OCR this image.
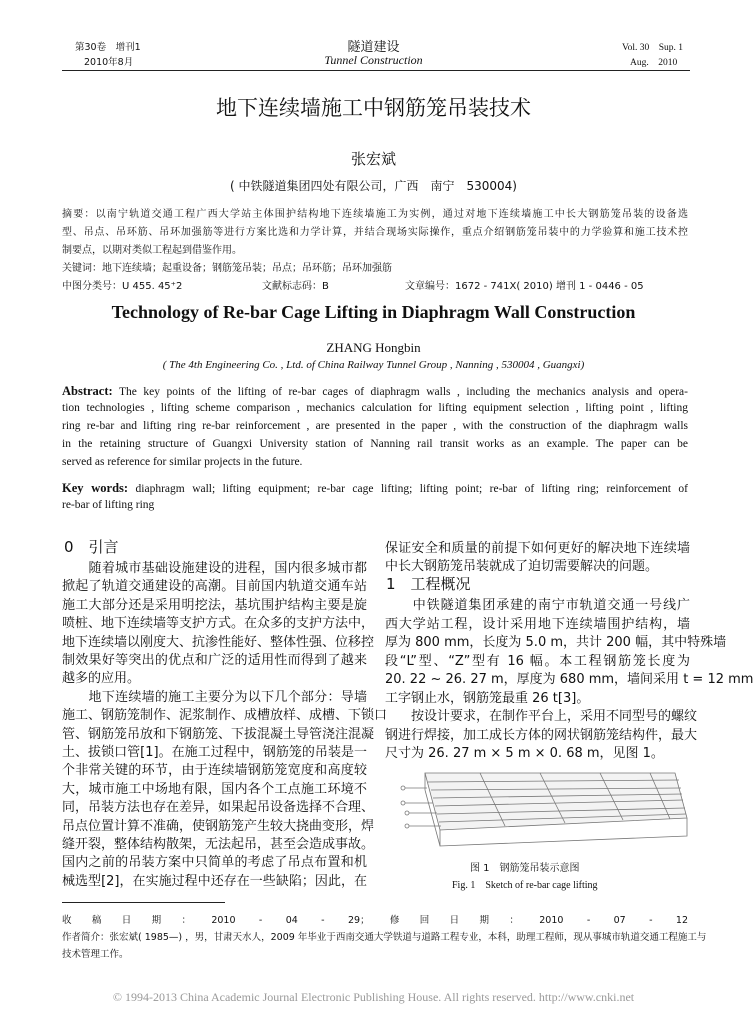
第30卷　增刊1
2010年8月
隧道建设
Tunnel Construction
Vol. 30　Sup. 1
Aug.　2010
地下连续墙施工中钢筋笼吊装技术
张宏斌
( 中铁隧道集团四处有限公司，广西　南宁　530004)
摘要：以南宁轨道交通工程广西大学站主体围护结构地下连续墙施工为实例，通过对地下连续墙施工中长大钢筋笼吊装的设备选
型、吊点、吊环筋、吊环加强筋等进行方案比选和力学计算，并结合现场实际操作，重点介绍钢筋笼吊装中的力学验算和施工技术控
制要点，以期对类似工程起到借鉴作用。
关键词：地下连续墙；起重设备；钢筋笼吊装；吊点；吊环筋；吊环加强筋
中图分类号：U 455. 45⁺2	文献标志码：B	文章编号：1672 - 741X( 2010) 增刊 1 - 0446 - 05
Technology of Re-bar Cage Lifting in Diaphragm Wall Construction
ZHANG Hongbin
( The 4th Engineering Co. , Ltd. of China Railway Tunnel Group , Nanning , 530004 , Guangxi)
Abstract: The key points of the lifting of re-bar cages of diaphragm walls , including the mechanics analysis and opera-
tion technologies , lifting scheme comparison , mechanics calculation for lifting equipment selection , lifting point , lifting
ring re-bar and lifting ring re-bar reinforcement , are presented in the paper , with the construction of the diaphragm walls
in the retaining structure of Guangxi University station of Nanning rail transit works as an example. The paper can be
served as reference for similar projects in the future.
Key words: diaphragm wall; lifting equipment; re-bar cage lifting; lifting point; re-bar of lifting ring; reinforcement of
re-bar of lifting ring
0　引言
　　随着城市基础设施建设的进程，国内很多城市都
掀起了轨道交通建设的高潮。目前国内轨道交通车站
施工大部分还是采用明挖法，基坑围护结构主要是旋
喷桩、地下连续墙等支护方式。在众多的支护方法中，
地下连续墙以刚度大、抗渗性能好、整体性强、位移控
制效果好等突出的优点和广泛的适用性而得到了越来
越多的应用。
　　地下连续墙的施工主要分为以下几个部分：导墙
施工、钢筋笼制作、泥浆制作、成槽放样、成槽、下锁口
管、钢筋笼吊放和下钢筋笼、下拔混凝土导管浇注混凝
土、拔锁口管[1]。在施工过程中，钢筋笼的吊装是一
个非常关键的环节，由于连续墙钢筋笼宽度和高度较
大，城市施工中场地有限，国内各个工点施工环境不
同，吊装方法也存在差异，如果起吊设备选择不合理、
吊点位置计算不准确，使钢筋笼产生较大挠曲变形，焊
缝开裂，整体结构散架，无法起吊，甚至会造成事故。
国内之前的吊装方案中只简单的考虑了吊点布置和机
械选型[2]，在实施过程中还存在一些缺陷；因此，在
保证安全和质量的前提下如何更好的解决地下连续墙
中长大钢筋笼吊装就成了迫切需要解决的问题。
1　工程概况
　　中铁隧道集团承建的南宁市轨道交通一号线广
西大学站工程，设计采用地下连续墙围护结构，墙
厚为 800 mm，长度为 5.0 m，共计 200 幅，其中特殊墙
段“L”型、“Z”型有 16 幅。本工程钢筋笼长度为
20. 22 ~ 26. 27 m，厚度为 680 mm，墙间采用 t = 12 mm
工字钢止水，钢筋笼最重 26 t[3]。
　　按设计要求，在制作平台上，采用不同型号的螺纹
钢进行焊接，加工成长方体的网状钢筋笼结构件，最大
尺寸为 26. 27 m × 5 m × 0. 68 m，见图 1。
图 1　钢筋笼吊装示意图
Fig. 1　Sketch of re-bar cage lifting
收稿日期：2010 - 04 - 29；修回日期：2010 - 07 - 12
作者简介：张宏斌( 1985—) ，男，甘肃天水人，2009 年毕业于西南交通大学铁道与道路工程专业，本科，助理工程师，现从事城市轨道交通工程施工与
技术管理工作。
© 1994-2013 China Academic Journal Electronic Publishing House. All rights reserved. http://www.cnki.net
